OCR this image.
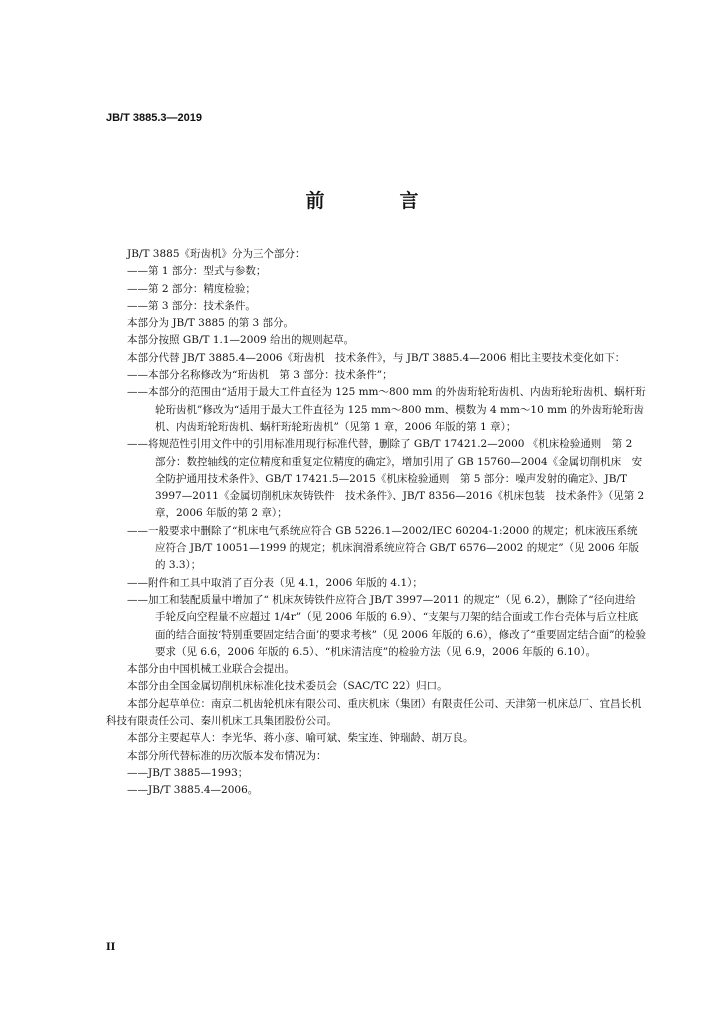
JB/T 3885.3—2019
前　言

JB/T 3885《珩齿机》分为三个部分：

——第 1 部分：型式与参数；

——第 2 部分：精度检验；

——第 3 部分：技术条件。

本部分为 JB/T 3885 的第 3 部分。

本部分按照 GB/T 1.1—2009 给出的规则起草。

本部分代替 JB/T 3885.4—2006《珩齿机　技术条件》，与 JB/T 3885.4—2006 相比主要技术变化如下：

——本部分名称修改为“珩齿机　第 3 部分：技术条件”；

——本部分的范围由“适用于最大工件直径为 125 mm～800 mm 的外齿珩轮珩齿机、内齿珩轮珩齿机、蜗杆珩轮珩齿机”修改为“适用于最大工件直径为 125 mm～800 mm、模数为 4 mm～10 mm 的外齿珩轮珩齿机、内齿珩轮珩齿机、蜗杆珩轮珩齿机”（见第 1 章，2006 年版的第 1 章）；

——将规范性引用文件中的引用标准用现行标准代替，删除了 GB/T 17421.2—2000 《机床检验通则　第 2 部分：数控轴线的定位精度和重复定位精度的确定》，增加引用了 GB 15760—2004《金属切削机床　安全防护通用技术条件》、GB/T 17421.5—2015《机床检验通则　第 5 部分：噪声发射的确定》、JB/T 3997—2011《金属切削机床灰铸铁件　技术条件》、JB/T 8356—2016《机床包装　技术条件》（见第 2 章，2006 年版的第 2 章）；

——一般要求中删除了“机床电气系统应符合 GB 5226.1—2002/IEC 60204-1:2000 的规定；机床液压系统应符合 JB/T 10051—1999 的规定；机床润滑系统应符合 GB/T 6576—2002 的规定”（见 2006 年版的 3.3）；

——附件和工具中取消了百分表（见 4.1，2006 年版的 4.1）；

——加工和装配质量中增加了“ 机床灰铸铁件应符合 JB/T 3997—2011 的规定”（见 6.2），删除了“径向进给手轮反向空程量不应超过 1/4r”（见 2006 年版的 6.9）、“支架与刀架的结合面或工作台壳体与后立柱底面的结合面按‘特别重要固定结合面’的要求考核”（见 2006 年版的 6.6），修改了“重要固定结合面”的检验要求（见 6.6，2006 年版的 6.5）、“机床清洁度”的检验方法（见 6.9，2006 年版的 6.10）。

本部分由中国机械工业联合会提出。

本部分由全国金属切削机床标准化技术委员会（SAC/TC 22）归口。

本部分起草单位：南京二机齿轮机床有限公司、重庆机床（集团）有限责任公司、天津第一机床总厂、宜昌长机科技有限责任公司、秦川机床工具集团股份公司。

本部分主要起草人：李光华、蒋小彦、喻可斌、柴宝连、钟瑞龄、胡万良。

本部分所代替标准的历次版本发布情况为：

——JB/T 3885—1993；

——JB/T 3885.4—2006。

II
